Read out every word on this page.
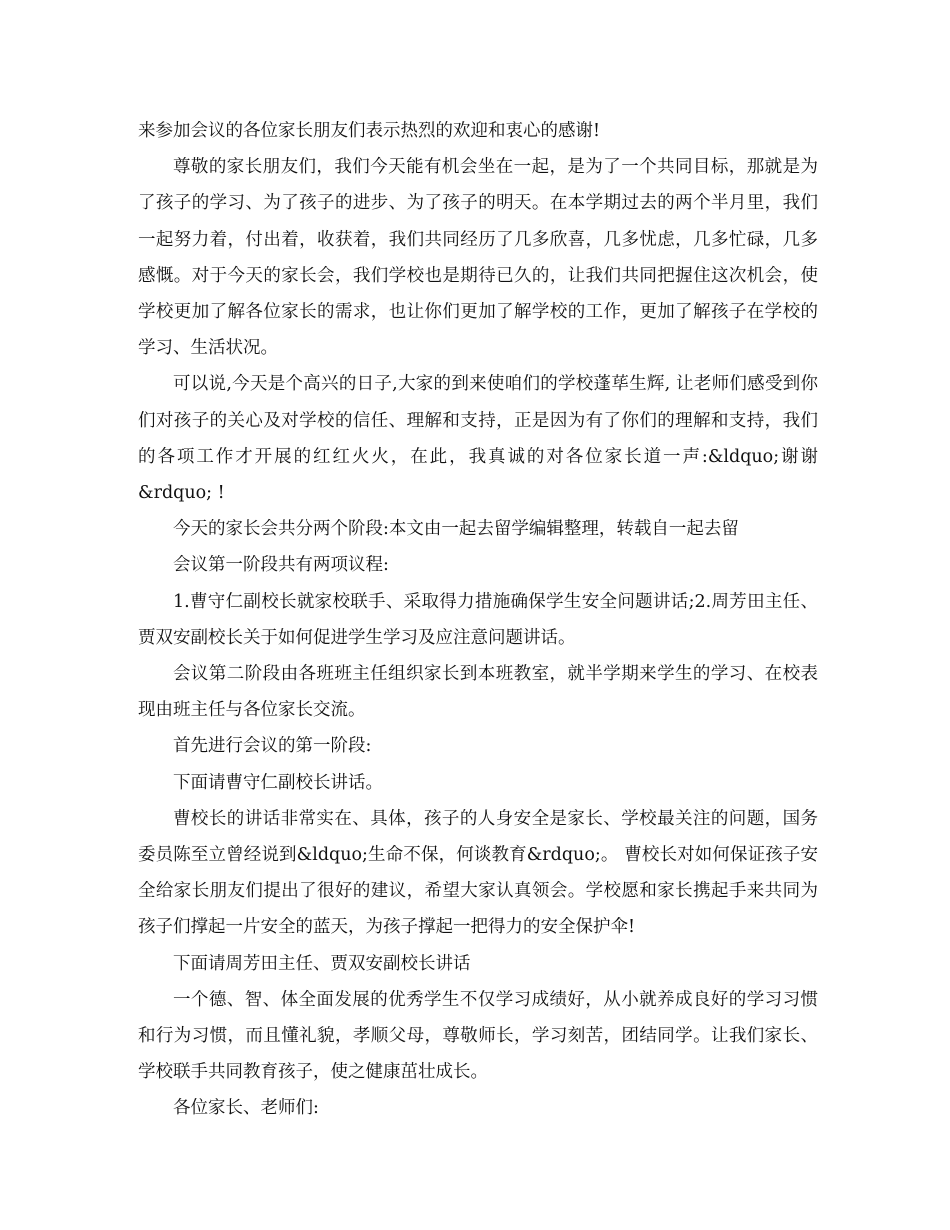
来参加会议的各位家长朋友们表示热烈的欢迎和衷心的感谢!

尊敬的家长朋友们，我们今天能有机会坐在一起，是为了一个共同目标，那就是为了孩子的学习、为了孩子的进步、为了孩子的明天。在本学期过去的两个半月里，我们一起努力着，付出着，收获着，我们共同经历了几多欣喜，几多忧虑，几多忙碌，几多感慨。对于今天的家长会，我们学校也是期待已久的，让我们共同把握住这次机会，使学校更加了解各位家长的需求，也让你们更加了解学校的工作，更加了解孩子在学校的学习、生活状况。

可以说,今天是个高兴的日子,大家的到来使咱们的学校蓬荜生辉, 让老师们感受到你们对孩子的关心及对学校的信任、理解和支持，正是因为有了你们的理解和支持，我们的各项工作才开展的红红火火，在此，我真诚的对各位家长道一声:&ldquo;谢谢&rdquo; !

今天的家长会共分两个阶段:本文由一起去留学编辑整理，转载自一起去留

会议第一阶段共有两项议程:

1.曹守仁副校长就家校联手、采取得力措施确保学生安全问题讲话;2.周芳田主任、贾双安副校长关于如何促进学生学习及应注意问题讲话。

会议第二阶段由各班班主任组织家长到本班教室，就半学期来学生的学习、在校表现由班主任与各位家长交流。

首先进行会议的第一阶段:

下面请曹守仁副校长讲话。

曹校长的讲话非常实在、具体，孩子的人身安全是家长、学校最关注的问题，国务委员陈至立曾经说到&ldquo;生命不保，何谈教育&rdquo;。 曹校长对如何保证孩子安全给家长朋友们提出了很好的建议，希望大家认真领会。学校愿和家长携起手来共同为孩子们撑起一片安全的蓝天，为孩子撑起一把得力的安全保护伞!

下面请周芳田主任、贾双安副校长讲话

一个德、智、体全面发展的优秀学生不仅学习成绩好，从小就养成良好的学习习惯和行为习惯，而且懂礼貌，孝顺父母，尊敬师长，学习刻苦，团结同学。让我们家长、学校联手共同教育孩子，使之健康茁壮成长。

各位家长、老师们:
